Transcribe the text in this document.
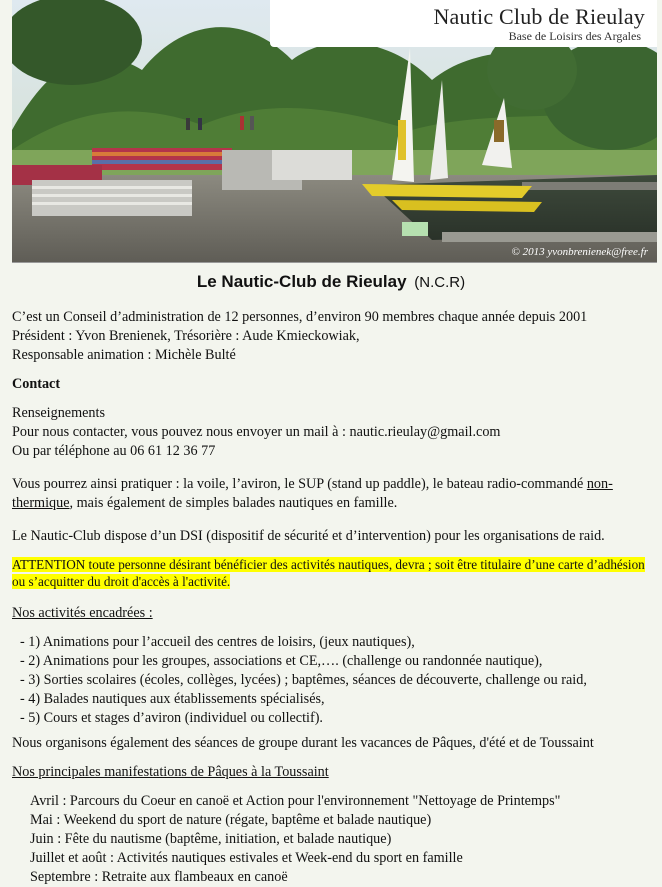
Nautic Club de Rieulay
Base de Loisirs des Argales
© 2013 yvonbrenienek@free.fr
Le Nautic-Club de Rieulay (N.C.R)

C’est un Conseil d’administration de 12 personnes, d’environ 90 membres chaque année depuis 2001

Président : Yvon Brenienek, Trésorière : Aude Kmieckowiak,

Responsable animation : Michèle Bulté

Contact

Renseignements

Pour nous contacter, vous pouvez nous envoyer un mail à : nautic.rieulay@gmail.com

Ou par téléphone au 06 61 12 36 77

Vous pourrez ainsi pratiquer : la voile, l’aviron, le SUP (stand up paddle), le bateau radio-commandé non-thermique, mais également de simples balades nautiques en famille.

Le Nautic-Club dispose d’un DSI (dispositif de sécurité et d’intervention) pour les organisations de raid.

ATTENTION toute personne désirant bénéficier des activités nautiques, devra ; soit être titulaire d’une carte d’adhésion ou s’acquitter du droit d'accès à l'activité.

Nos activités encadrées :

- 1) Animations pour l’accueil des centres de loisirs, (jeux nautiques),
- 2) Animations pour les groupes, associations et CE,…. (challenge ou randonnée nautique),
- 3) Sorties scolaires (écoles, collèges, lycées) ; baptêmes, séances de découverte, challenge ou raid,
- 4) Balades nautiques aux établissements spécialisés,
- 5) Cours et stages d’aviron (individuel ou collectif).

Nous organisons également des séances de groupe durant les vacances de Pâques, d'été et de Toussaint

Nos principales manifestations de Pâques à la Toussaint

Avril : Parcours du Coeur en canoë et Action pour l'environnement "Nettoyage de Printemps"

Mai : Weekend du sport de nature (régate, baptême et balade nautique)

Juin : Fête du nautisme (baptême, initiation, et balade nautique)

Juillet et août : Activités nautiques estivales et Week-end du sport en famille

Septembre : Retraite aux flambeaux en canoë
